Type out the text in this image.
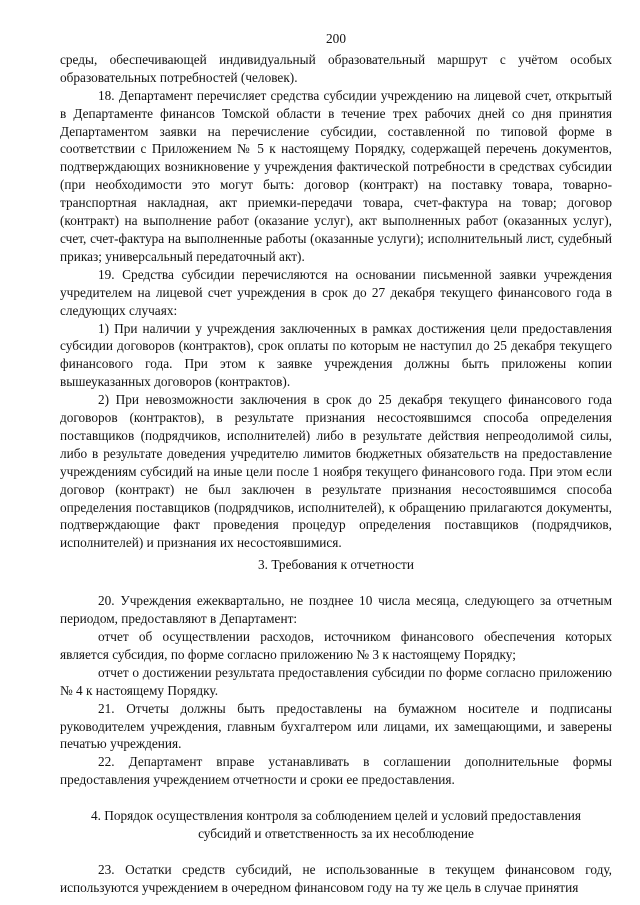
200

среды, обеспечивающей индивидуальный образовательный маршрут с учётом особых образовательных потребностей (человек).

18. Департамент перечисляет средства субсидии учреждению на лицевой счет, открытый в Департаменте финансов Томской области в течение трех рабочих дней со дня принятия Департаментом заявки на перечисление субсидии, составленной по типовой форме в соответствии с Приложением № 5 к настоящему Порядку, содержащей перечень документов, подтверждающих возникновение у учреждения фактической потребности в средствах субсидии (при необходимости это могут быть: договор (контракт) на поставку товара, товарно-транспортная накладная, акт приемки-передачи товара, счет-фактура на товар; договор (контракт) на выполнение работ (оказание услуг), акт выполненных работ (оказанных услуг), счет, счет-фактура на выполненные работы (оказанные услуги); исполнительный лист, судебный приказ; универсальный передаточный акт).

19. Средства субсидии перечисляются на основании письменной заявки учреждения учредителем на лицевой счет учреждения в срок до 27 декабря текущего финансового года в следующих случаях:

1) При наличии у учреждения заключенных в рамках достижения цели предоставления субсидии договоров (контрактов), срок оплаты по которым не наступил до 25 декабря текущего финансового года. При этом к заявке учреждения должны быть приложены копии вышеуказанных договоров (контрактов).

2) При невозможности заключения в срок до 25 декабря текущего финансового года договоров (контрактов), в результате признания несостоявшимся способа определения поставщиков (подрядчиков, исполнителей) либо в результате действия непреодолимой силы, либо в результате доведения учредителю лимитов бюджетных обязательств на предоставление учреждениям субсидий на иные цели после 1 ноября текущего финансового года. При этом если договор (контракт) не был заключен в результате признания несостоявшимся способа определения поставщиков (подрядчиков, исполнителей), к обращению прилагаются документы, подтверждающие факт проведения процедур определения поставщиков (подрядчиков, исполнителей) и признания их несостоявшимися.

3. Требования к отчетности

20. Учреждения ежеквартально, не позднее 10 числа месяца, следующего за отчетным периодом, предоставляют в Департамент:

отчет об осуществлении расходов, источником финансового обеспечения которых является субсидия, по форме согласно приложению № 3 к настоящему Порядку;

отчет о достижении результата предоставления субсидии по форме согласно приложению № 4 к настоящему Порядку.

21. Отчеты должны быть предоставлены на бумажном носителе и подписаны руководителем учреждения, главным бухгалтером или лицами, их замещающими, и заверены печатью учреждения.

22. Департамент вправе устанавливать в соглашении дополнительные формы предоставления учреждением отчетности и сроки ее предоставления.

4. Порядок осуществления контроля за соблюдением целей и условий предоставления
субсидий и ответственность за их несоблюдение

23. Остатки средств субсидий, не использованные в текущем финансовом году, используются учреждением в очередном финансовом году на ту же цель в случае принятия
